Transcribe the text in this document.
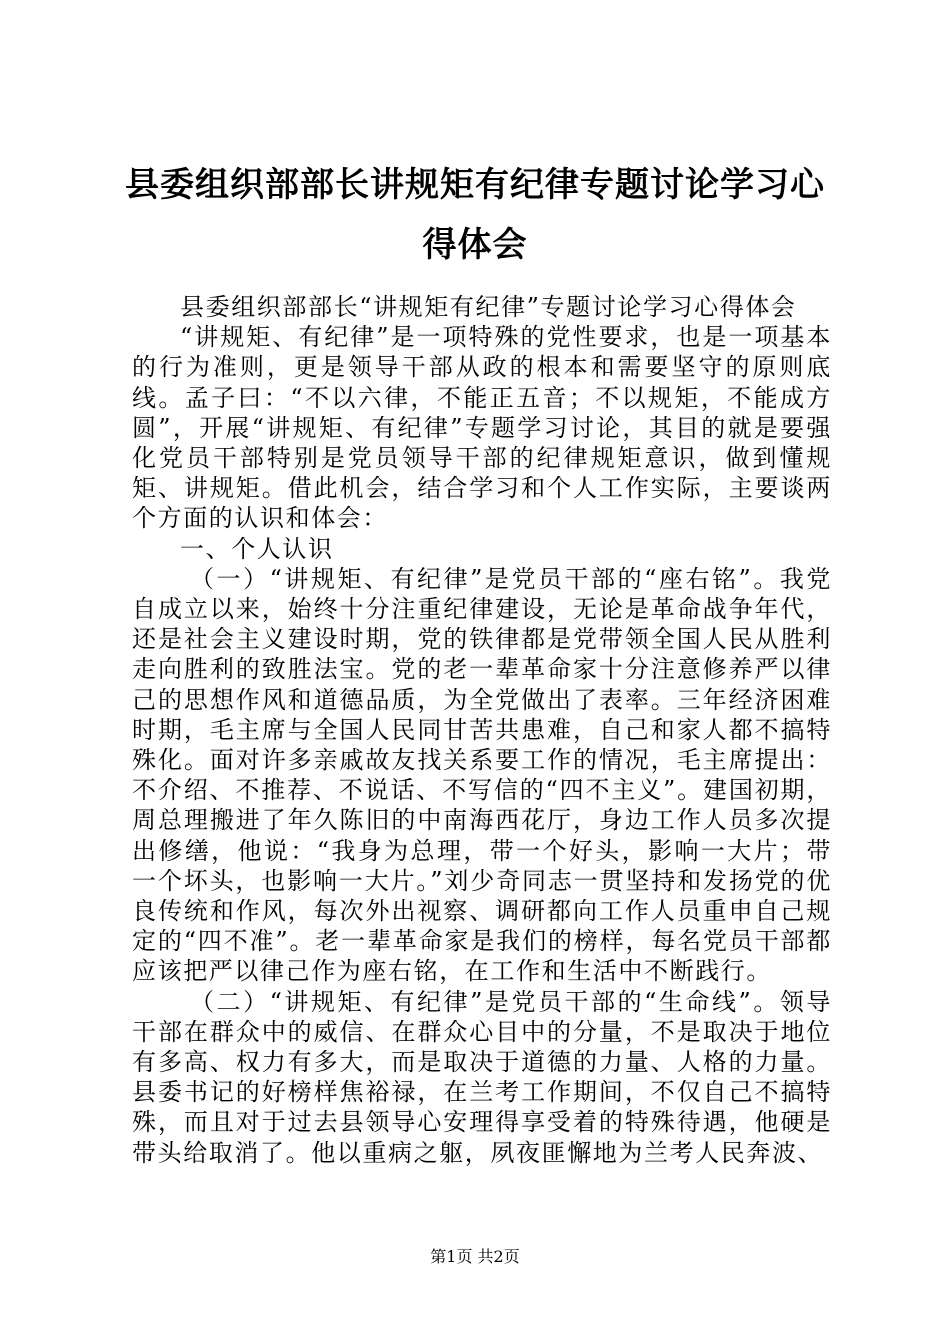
县委组织部部长讲规矩有纪律专题讨论学习心得体会

县委组织部部长“讲规矩有纪律”专题讨论学习心得体会

“讲规矩、有纪律”是一项特殊的党性要求，也是一项基本的行为准则，更是领导干部从政的根本和需要坚守的原则底线。孟子曰：“不以六律，不能正五音；不以规矩，不能成方圆”，开展“讲规矩、有纪律”专题学习讨论，其目的就是要强化党员干部特别是党员领导干部的纪律规矩意识，做到懂规矩、讲规矩。借此机会，结合学习和个人工作实际，主要谈两个方面的认识和体会：

一、个人认识

（一）“讲规矩、有纪律”是党员干部的“座右铭”。我党自成立以来，始终十分注重纪律建设，无论是革命战争年代，还是社会主义建设时期，党的铁律都是党带领全国人民从胜利走向胜利的致胜法宝。党的老一辈革命家十分注意修养严以律己的思想作风和道德品质，为全党做出了表率。三年经济困难时期，毛主席与全国人民同甘苦共患难，自己和家人都不搞特殊化。面对许多亲戚故友找关系要工作的情况，毛主席提出：不介绍、不推荐、不说话、不写信的“四不主义”。建国初期，周总理搬进了年久陈旧的中南海西花厅，身边工作人员多次提出修缮，他说：“我身为总理，带一个好头，影响一大片；带一个坏头，也影响一大片。”刘少奇同志一贯坚持和发扬党的优良传统和作风，每次外出视察、调研都向工作人员重申自己规定的“四不准”。老一辈革命家是我们的榜样，每名党员干部都应该把严以律己作为座右铭，在工作和生活中不断践行。

（二）“讲规矩、有纪律”是党员干部的“生命线”。领导干部在群众中的威信、在群众心目中的分量，不是取决于地位有多高、权力有多大，而是取决于道德的力量、人格的力量。县委书记的好榜样焦裕禄，在兰考工作期间，不仅自己不搞特殊，而且对于过去县领导心安理得享受着的特殊待遇，他硬是带头给取消了。他以重病之躯，夙夜匪懈地为兰考人民奔波、

第1页 共2页
